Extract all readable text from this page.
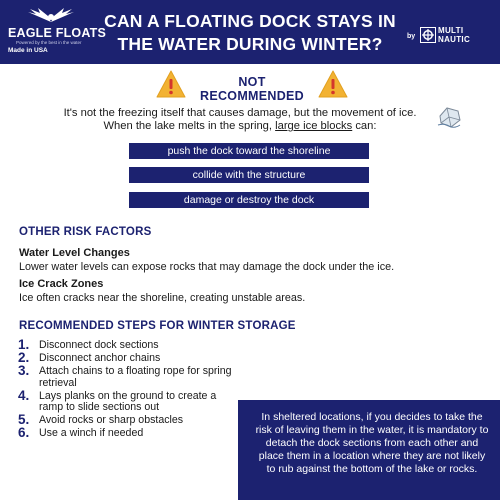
EAGLE FLOATS
Powered by the best in the water
Made in USA
CAN A FLOATING DOCK STAYS IN
THE WATER DURING WINTER?	by
MULTI
NAUTIC
NOT RECOMMENDED
It's not the freezing itself that causes damage, but the movement of ice.
When the lake melts in the spring, large ice blocks can:
push the dock toward the shoreline
collide with the structure
damage or destroy the dock
OTHER RISK FACTORS
Water Level Changes
Lower water levels can expose rocks that may damage the dock under the ice.
Ice Crack Zones
Ice often cracks near the shoreline, creating unstable areas.
RECOMMENDED STEPS FOR WINTER STORAGE
1. Disconnect dock sections
2. Disconnect anchor chains
3. Attach chains to a floating rope for spring retrieval
4. Lays planks on the ground to create a ramp to slide sections out
5. Avoid rocks or sharp obstacles
6. Use a winch if needed
In sheltered locations, if you decides to take the risk of leaving them in the water, it is mandatory to detach the dock sections from each other and place them in a location where they are not likely to rub against the bottom of the lake or rocks.
